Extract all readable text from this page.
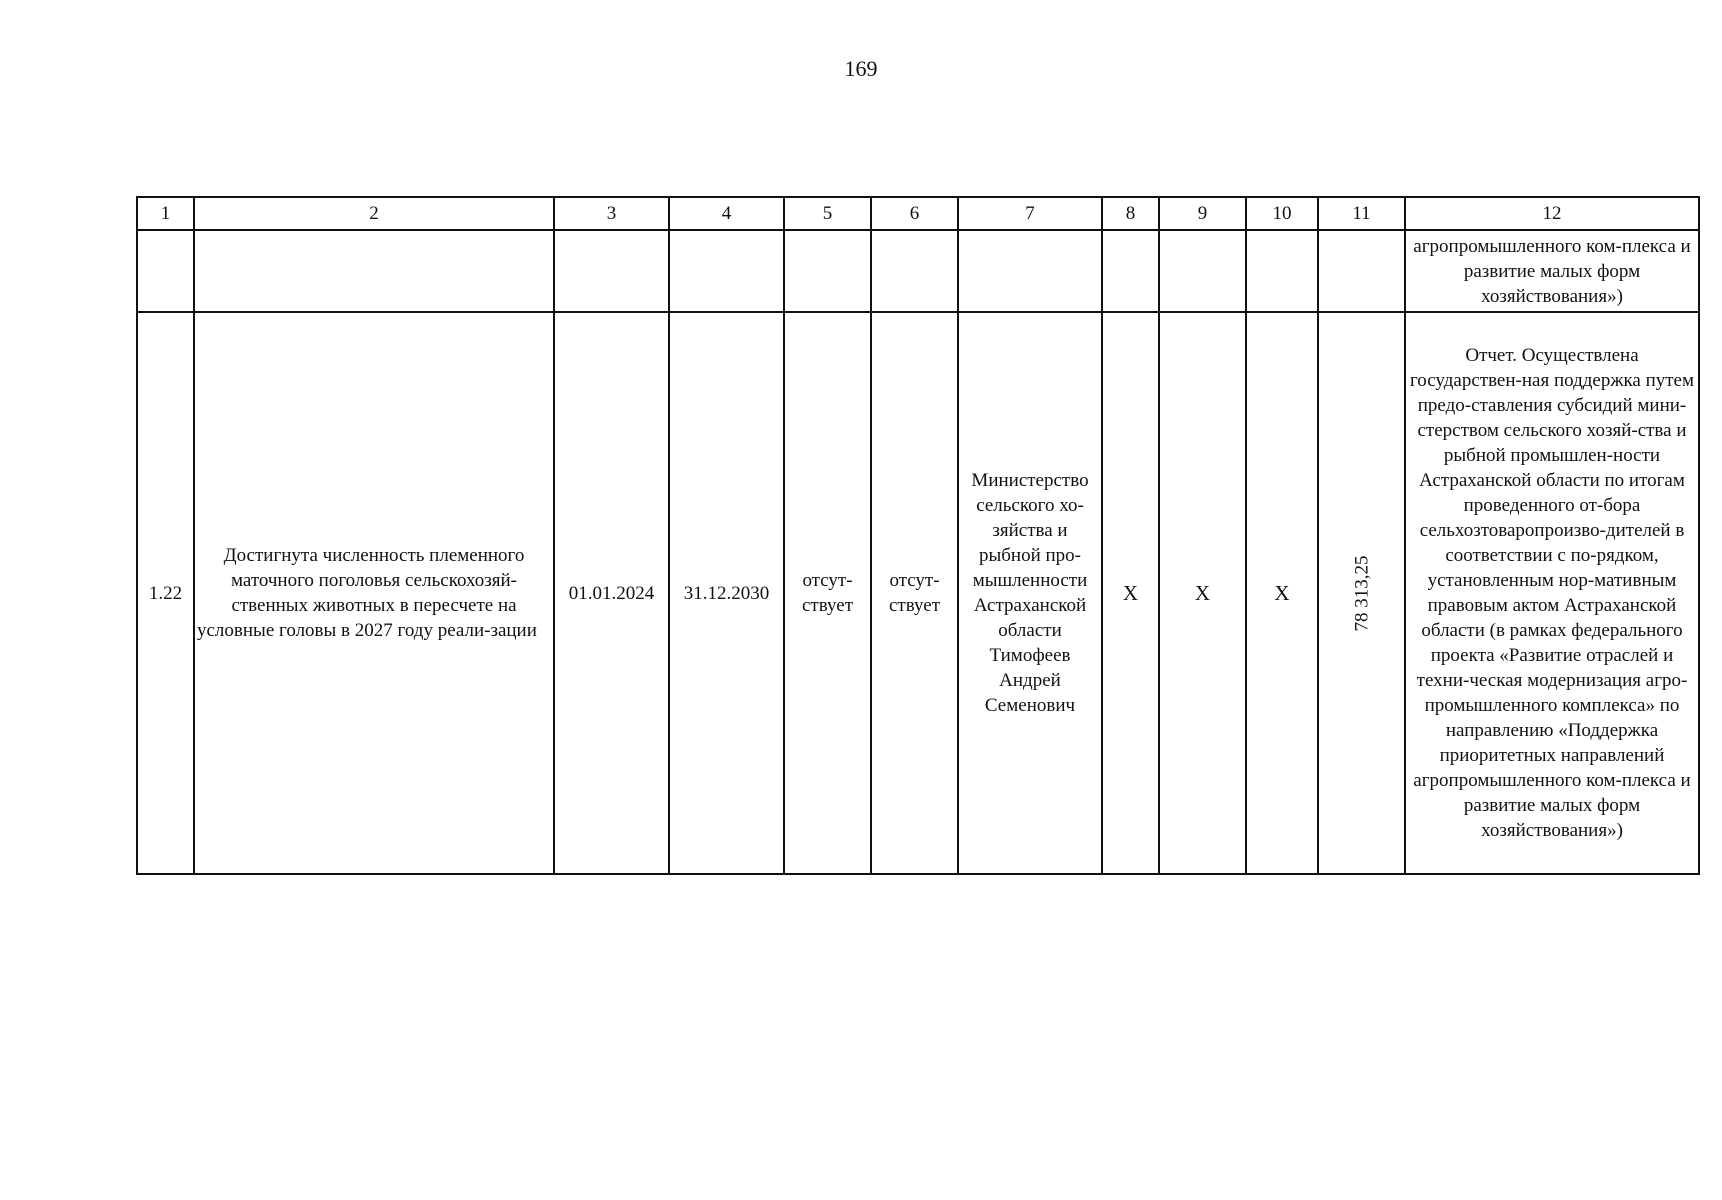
169
1	2	3	4	5	6	7	8	9	10	11	12
											агропромышленного ком-плекса и развитие малых форм хозяйствования»)
1.22	Достигнута численность племенного маточного поголовья сельскохозяй-ственных животных в пересчете на условные головы в 2027 году реали-зации	01.01.2024	31.12.2030	отсут-ствует	отсут-ствует	Министерство сельского хо-зяйства и рыбной про-мышленности Астраханской области Тимофеев Андрей Семенович	Х	Х	Х	78 313,25	Отчет. Осуществлена государствен-ная поддержка путем предо-ставления субсидий мини-стерством сельского хозяй-ства и рыбной промышлен-ности Астраханской области по итогам проведенного от-бора сельхозтоваропроизво-дителей в соответствии с по-рядком, установленным нор-мативным правовым актом Астраханской области (в рамках федерального проекта «Развитие отраслей и техни-ческая модернизация агро-промышленного комплекса» по направлению «Поддержка приоритетных направлений агропромышленного ком-плекса и развитие малых форм хозяйствования»)
